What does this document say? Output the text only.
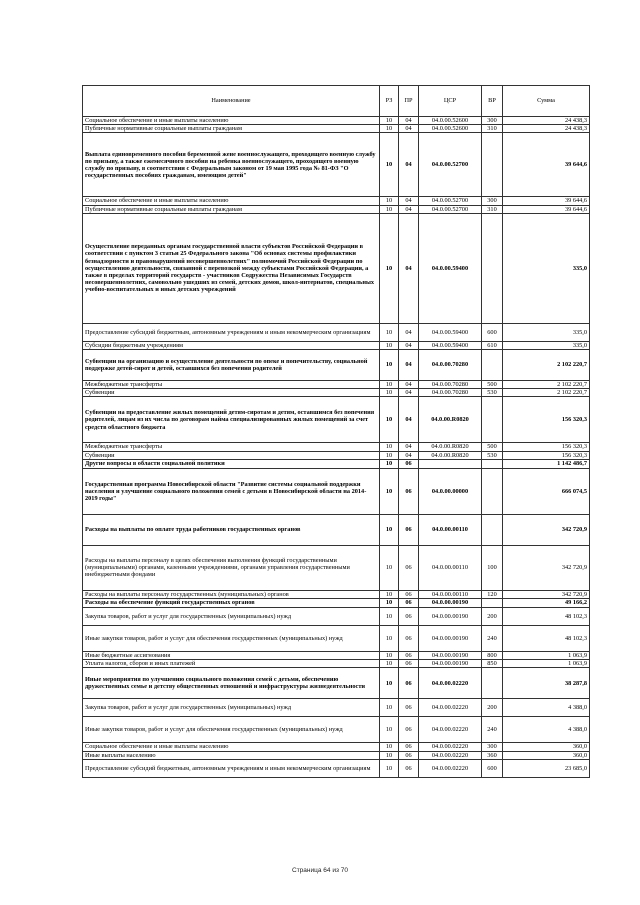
Наименование	РЗ	ПР	ЦСР	ВР	Сумма
Социальное обеспечение и иные выплаты населению	10	04	04.0.00.52600	300	24 438,3
Публичные нормативные социальные выплаты гражданам	10	04	04.0.00.52600	310	24 438,3
Выплата единовременного пособия беременной жене военнослужащего, проходящего военную службу по призыву, а также ежемесячного пособия на ребенка военнослужащего, проходящего военную службу по призыву, в соответствии с Федеральным законом от 19 мая 1995 года № 81-ФЗ "О государственных пособиях гражданам, имеющим детей"	10	04	04.0.00.52700		39 644,6
Социальное обеспечение и иные выплаты населению	10	04	04.0.00.52700	300	39 644,6
Публичные нормативные социальные выплаты гражданам	10	04	04.0.00.52700	310	39 644,6
Осуществление переданных органам государственной власти субъектов Российской Федерации в соответствии с пунктом 3 статьи 25 Федерального закона "Об основах системы профилактики безнадзорности и правонарушений несовершеннолетних" полномочий Российской Федерации по осуществлению деятельности, связанной с перевозкой между субъектами Российской Федерации, а также в пределах территорий государств - участников Содружества Независимых Государств несовершеннолетних, самовольно ушедших из семей, детских домов, школ-интернатов, специальных учебно-воспитательных и иных детских учреждений	10	04	04.0.00.59400		335,0
Предоставление субсидий бюджетным, автономным учреждениям и иным некоммерческим организациям	10	04	04.0.00.59400	600	335,0
Субсидии бюджетным учреждениям	10	04	04.0.00.59400	610	335,0
Субвенции на организацию и осуществление деятельности по опеке и попечительству, социальной поддержке детей-сирот и детей, оставшихся без попечения родителей	10	04	04.0.00.70280		2 102 220,7
Межбюджетные трансферты	10	04	04.0.00.70280	500	2 102 220,7
Субвенции	10	04	04.0.00.70280	530	2 102 220,7
Субвенции на предоставление жилых помещений детям-сиротам и детям, оставшимся без попечения родителей, лицам из их числа по договорам найма специализированных жилых помещений за счет средств областного бюджета	10	04	04.0.00.R0820		156 320,3
Межбюджетные трансферты	10	04	04.0.00.R0820	500	156 320,3
Субвенции	10	04	04.0.00.R0820	530	156 320,3
Другие вопросы в области социальной политики	10	06			1 142 486,7
Государственная программа Новосибирской области "Развитие системы социальной поддержки населения и улучшение социального положения семей с детьми в Новосибирской области на 2014-2019 годы"	10	06	04.0.00.00000		666 074,5
Расходы на выплаты по оплате труда работников государственных органов	10	06	04.0.00.00110		342 720,9
Расходы на выплаты персоналу в целях обеспечения выполнения функций государственными (муниципальными) органами, казенными учреждениями, органами управления государственными внебюджетными фондами	10	06	04.0.00.00110	100	342 720,9
Расходы на выплаты персоналу государственных (муниципальных) органов	10	06	04.0.00.00110	120	342 720,9
Расходы на обеспечение функций государственных органов	10	06	04.0.00.00190		49 166,2
Закупка товаров, работ и услуг для государственных (муниципальных) нужд	10	06	04.0.00.00190	200	48 102,3
Иные закупки товаров, работ и услуг для обеспечения государственных (муниципальных) нужд	10	06	04.0.00.00190	240	48 102,3
Иные бюджетные ассигнования	10	06	04.0.00.00190	800	1 063,9
Уплата налогов, сборов и иных платежей	10	06	04.0.00.00190	850	1 063,9
Иные мероприятия по улучшению социального положения семей с детьми, обеспечению дружественных семье и детству общественных отношений и инфраструктуры жизнедеятельности	10	06	04.0.00.02220		38 287,8
Закупка товаров, работ и услуг для государственных (муниципальных) нужд	10	06	04.0.00.02220	200	4 388,0
Иные закупки товаров, работ и услуг для обеспечения государственных (муниципальных) нужд	10	06	04.0.00.02220	240	4 388,0
Социальное обеспечение и иные выплаты населению	10	06	04.0.00.02220	300	360,0
Иные выплаты населению	10	06	04.0.00.02220	360	360,0
Предоставление субсидий бюджетным, автономным учреждениям и иным некоммерческим организациям	10	06	04.0.00.02220	600	23 685,0
Страница 64 из 70
